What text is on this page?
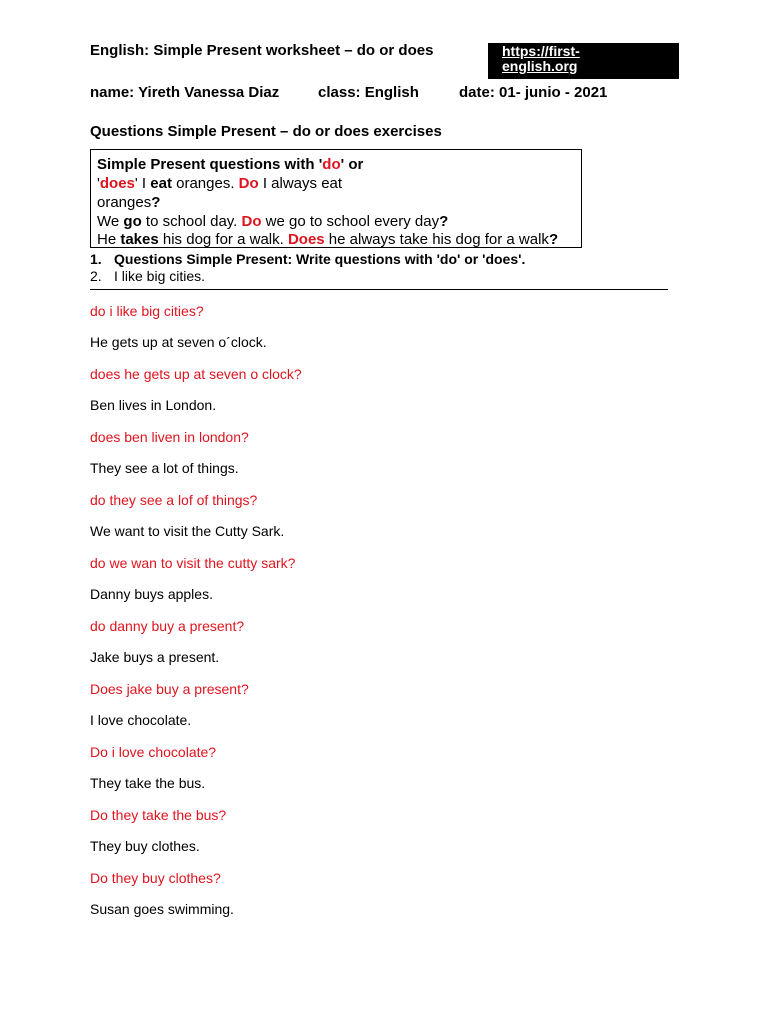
English: Simple Present worksheet – do or does	https://first-
english.org
name: Yireth Vanessa Diaz	class: English	date: 01- junio - 2021
Questions Simple Present – do or does exercises
Simple Present questions with 'do' or
'does' I eat oranges. Do I always eat
oranges?
We go to school day. Do we go to school every day?
He takes his dog for a walk. Does he always take his dog for a walk?
1. Questions Simple Present: Write questions with 'do' or 'does'.
2. I like big cities.
do i like big cities?
He gets up at seven o´clock.
does he gets up at seven o clock?
Ben lives in London.
does ben liven in london?
They see a lot of things.
do they see a lof of things?
We want to visit the Cutty Sark.
do we wan to visit the cutty sark?
Danny buys apples.
do danny buy a present?
Jake buys a present.
Does jake buy a present?
I love chocolate.
Do i love chocolate?
They take the bus.
Do they take the bus?
They buy clothes.
Do they buy clothes?
Susan goes swimming.
